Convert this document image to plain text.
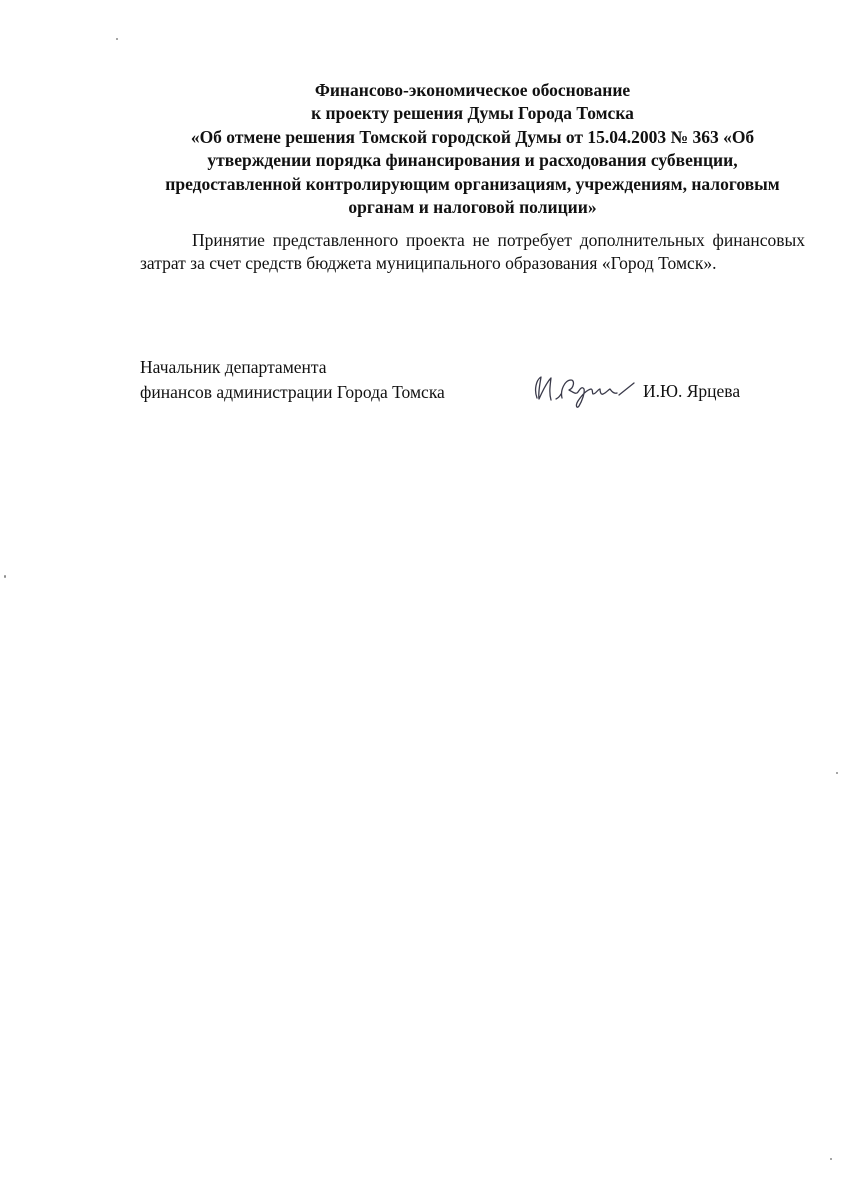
Финансово-экономическое обоснование
к проекту решения Думы Города Томска
«Об отмене решения Томской городской Думы от 15.04.2003 № 363 «Об
утверждении порядка финансирования и расходования субвенции,
предоставленной контролирующим организациям, учреждениям, налоговым
органам и налоговой полиции»
Принятие представленного проекта не потребует дополнительных финансовых затрат за счет средств бюджета муниципального образования «Город Томск».
Начальник департамента
финансов администрации Города Томска	И.Ю. Ярцева
